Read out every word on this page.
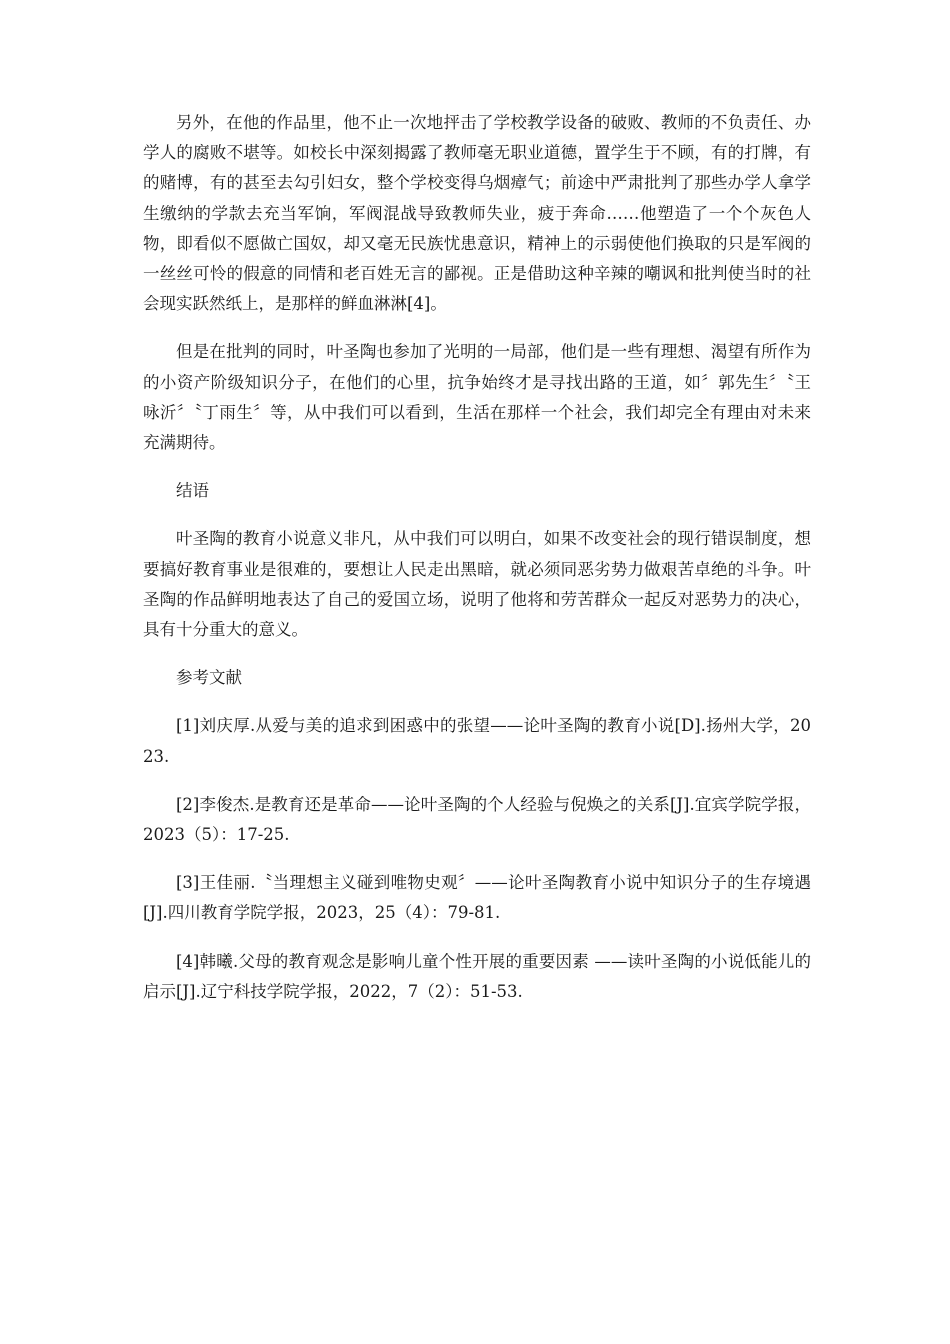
另外，在他的作品里，他不止一次地抨击了学校教学设备的破败、教师的不负责任、办学人的腐败不堪等。如校长中深刻揭露了教师毫无职业道德，置学生于不顾，有的打牌，有的赌博，有的甚至去勾引妇女，整个学校变得乌烟瘴气；前途中严肃批判了那些办学人拿学生缴纳的学款去充当军饷，军阀混战导致教师失业，疲于奔命……他塑造了一个个灰色人物，即看似不愿做亡国奴，却又毫无民族忧患意识，精神上的示弱使他们换取的只是军阀的一丝丝可怜的假意的同情和老百姓无言的鄙视。正是借助这种辛辣的嘲讽和批判使当时的社会现实跃然纸上，是那样的鲜血淋淋[4]。

但是在批判的同时，叶圣陶也参加了光明的一局部，他们是一些有理想、渴望有所作为的小资产阶级知识分子，在他们的心里，抗争始终才是寻找出路的王道，如〞郭先生〞〝王咏沂〞〝丁雨生〞等，从中我们可以看到，生活在那样一个社会，我们却完全有理由对未来充满期待。

结语

叶圣陶的教育小说意义非凡，从中我们可以明白，如果不改变社会的现行错误制度，想要搞好教育事业是很难的，要想让人民走出黑暗，就必须同恶劣势力做艰苦卓绝的斗争。叶圣陶的作品鲜明地表达了自己的爱国立场，说明了他将和劳苦群众一起反对恶势力的决心，具有十分重大的意义。

参考文献

[1]刘庆厚.从爱与美的追求到困惑中的张望——论叶圣陶的教育小说[D].扬州大学，2023.

[2]李俊杰.是教育还是革命——论叶圣陶的个人经验与倪焕之的关系[J].宜宾学院学报，2023（5）：17-25.

[3]王佳丽.〝当理想主义碰到唯物史观〞——论叶圣陶教育小说中知识分子的生存境遇[J].四川教育学院学报，2023，25（4）：79-81.

[4]韩曦.父母的教育观念是影响儿童个性开展的重要因素 ——读叶圣陶的小说低能儿的启示[J].辽宁科技学院学报，2022，7（2）：51-53.
